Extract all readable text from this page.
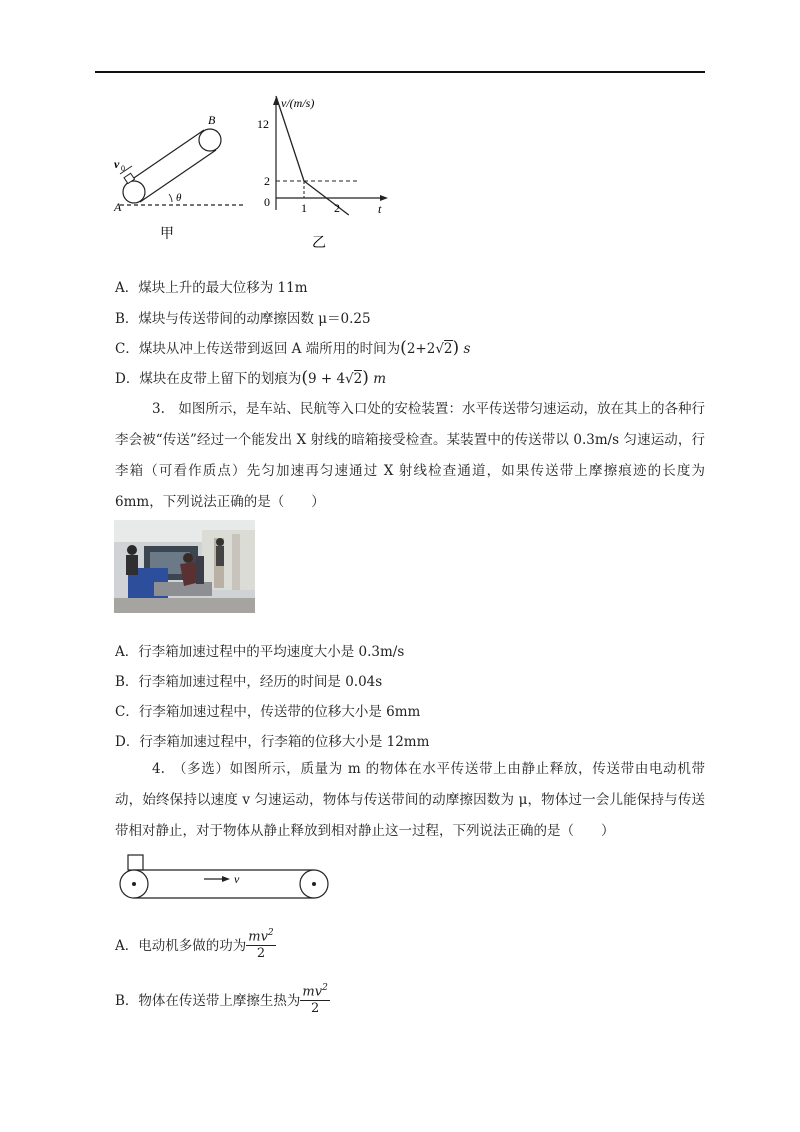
B
A
v 0
θ
甲
v/(m/s)
t
12
2
0	1 2
乙
A．煤块上升的最大位移为 11m
B．煤块与传送带间的动摩擦因数 μ＝0.25
C．煤块从冲上传送带到返回 A 端所用的时间为(2+2√2) s
D．煤块在皮带上留下的划痕为(9 + 4√2) m
3.　如图所示，是车站、民航等入口处的安检装置：水平传送带匀速运动，放在其上的各种行李会被“传送”经过一个能发出 X 射线的暗箱接受检查。某装置中的传送带以 0.3m/s 匀速运动，行李箱（可看作质点）先匀加速再匀速通过 X 射线检查通道，如果传送带上摩擦痕迹的长度为 6mm，下列说法正确的是（　　）
A．行李箱加速过程中的平均速度大小是 0.3m/s
B．行李箱加速过程中，经历的时间是 0.04s
C．行李箱加速过程中，传送带的位移大小是 6mm
D．行李箱加速过程中，行李箱的位移大小是 12mm
4.　（多选）如图所示，质量为 m 的物体在水平传送带上由静止释放，传送带由电动机带动，始终保持以速度 v 匀速运动，物体与传送带间的动摩擦因数为 μ，物体过一会儿能保持与传送带相对静止，对于物体从静止释放到相对静止这一过程，下列说法正确的是（　　）
v
A．电动机多做的功为 $\frac{mv^2}{2}$
B．物体在传送带上摩擦生热为 $\frac{mv^2}{2}$
